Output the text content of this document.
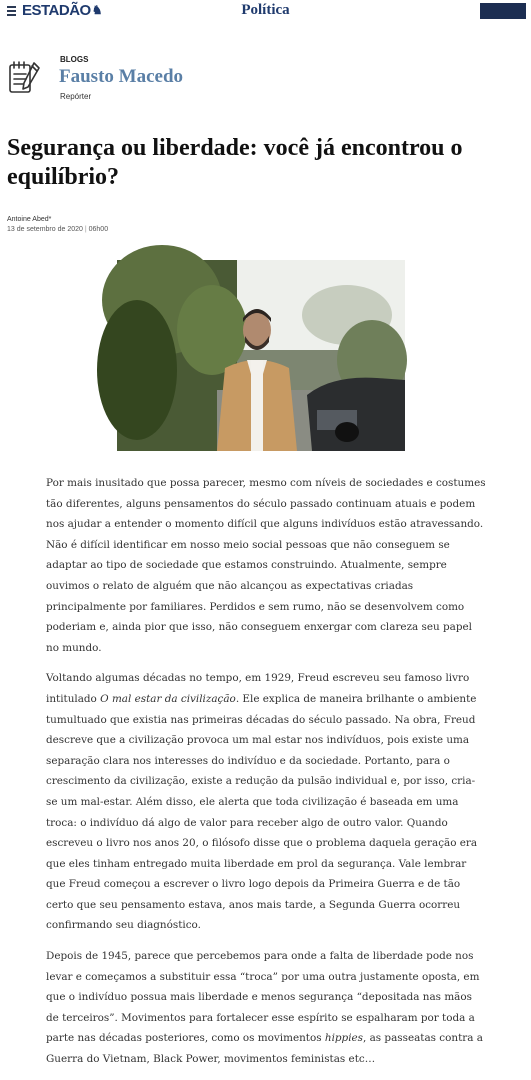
ESTADÃO♞	Política
BLOGS
Fausto Macedo
Repórter
Segurança ou liberdade: você já encontrou o equilíbrio?
Antoine Abed*
13 de setembro de 2020 | 06h00

Por mais inusitado que possa parecer, mesmo com níveis de sociedades e costumes tão diferentes, alguns pensamentos do século passado continuam atuais e podem nos ajudar a entender o momento difícil que alguns indivíduos estão atravessando. Não é difícil identificar em nosso meio social pessoas que não conseguem se adaptar ao tipo de sociedade que estamos construindo. Atualmente, sempre ouvimos o relato de alguém que não alcançou as expectativas criadas principalmente por familiares. Perdidos e sem rumo, não se desenvolvem como poderiam e, ainda pior que isso, não conseguem enxergar com clareza seu papel no mundo.

Voltando algumas décadas no tempo, em 1929, Freud escreveu seu famoso livro intitulado O mal estar da civilização. Ele explica de maneira brilhante o ambiente tumultuado que existia nas primeiras décadas do século passado. Na obra, Freud descreve que a civilização provoca um mal estar nos indivíduos, pois existe uma separação clara nos interesses do indivíduo e da sociedade. Portanto, para o crescimento da civilização, existe a redução da pulsão individual e, por isso, cria-se um mal-estar. Além disso, ele alerta que toda civilização é baseada em uma troca: o indivíduo dá algo de valor para receber algo de outro valor. Quando escreveu o livro nos anos 20, o filósofo disse que o problema daquela geração era que eles tinham entregado muita liberdade em prol da segurança. Vale lembrar que Freud começou a escrever o livro logo depois da Primeira Guerra e de tão certo que seu pensamento estava, anos mais tarde, a Segunda Guerra ocorreu confirmando seu diagnóstico.

Depois de 1945, parece que percebemos para onde a falta de liberdade pode nos levar e começamos a substituir essa “troca” por uma outra justamente oposta, em que o indivíduo possua mais liberdade e menos segurança “depositada nas mãos de terceiros”. Movimentos para fortalecer esse espírito se espalharam por toda a parte nas décadas posteriores, como os movimentos hippies, as passeatas contra a Guerra do Vietnam, Black Power, movimentos feministas etc…
